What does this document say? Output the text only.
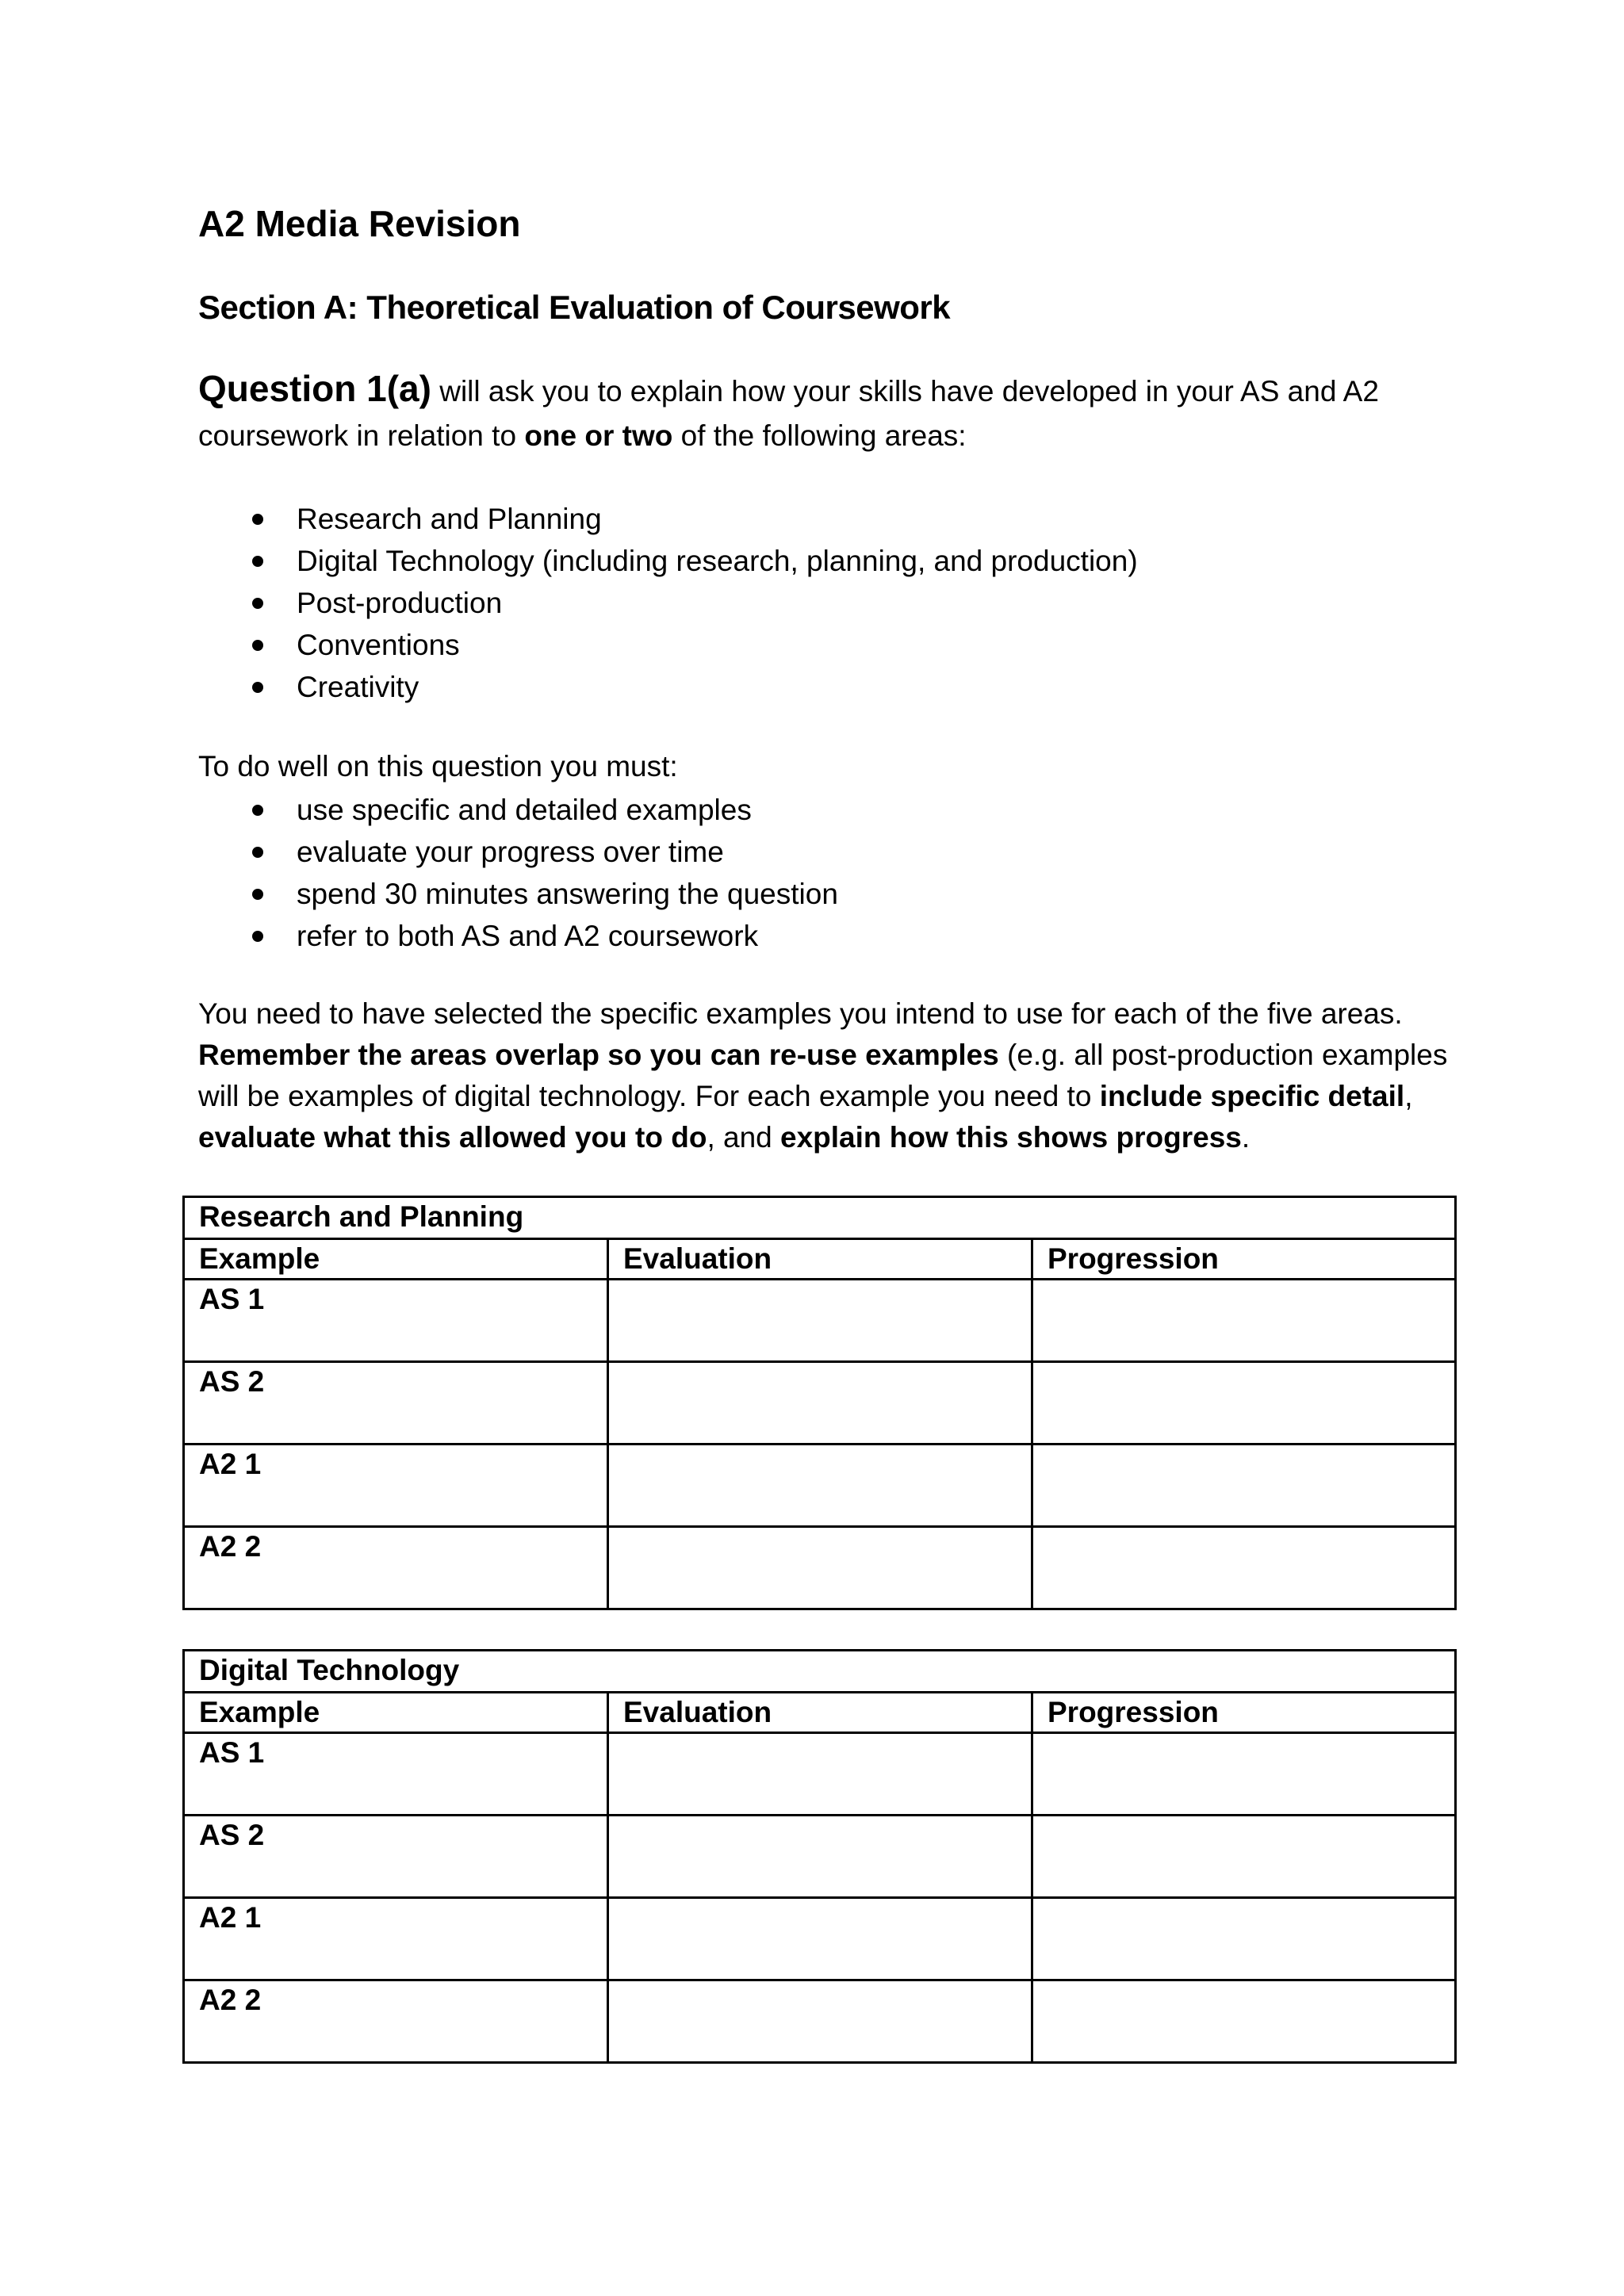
A2 Media Revision
Section A: Theoretical Evaluation of Coursework

Question 1(a) will ask you to explain how your skills have developed in your AS and A2 coursework in relation to one or two of the following areas:

Research and Planning
Digital Technology (including research, planning, and production)
Post-production
Conventions
Creativity

To do well on this question you must:

use specific and detailed examples
evaluate your progress over time
spend 30 minutes answering the question
refer to both AS and A2 coursework

You need to have selected the specific examples you intend to use for each of the five areas. Remember the areas overlap so you can re-use examples (e.g. all post-production examples will be examples of digital technology. For each example you need to include specific detail, evaluate what this allowed you to do, and explain how this shows progress.

Research and Planning		
Example	Evaluation	Progression
AS 1		
AS 2		
A2 1		
A2 2		
Digital Technology		
Example	Evaluation	Progression
AS 1		
AS 2		
A2 1		
A2 2		
